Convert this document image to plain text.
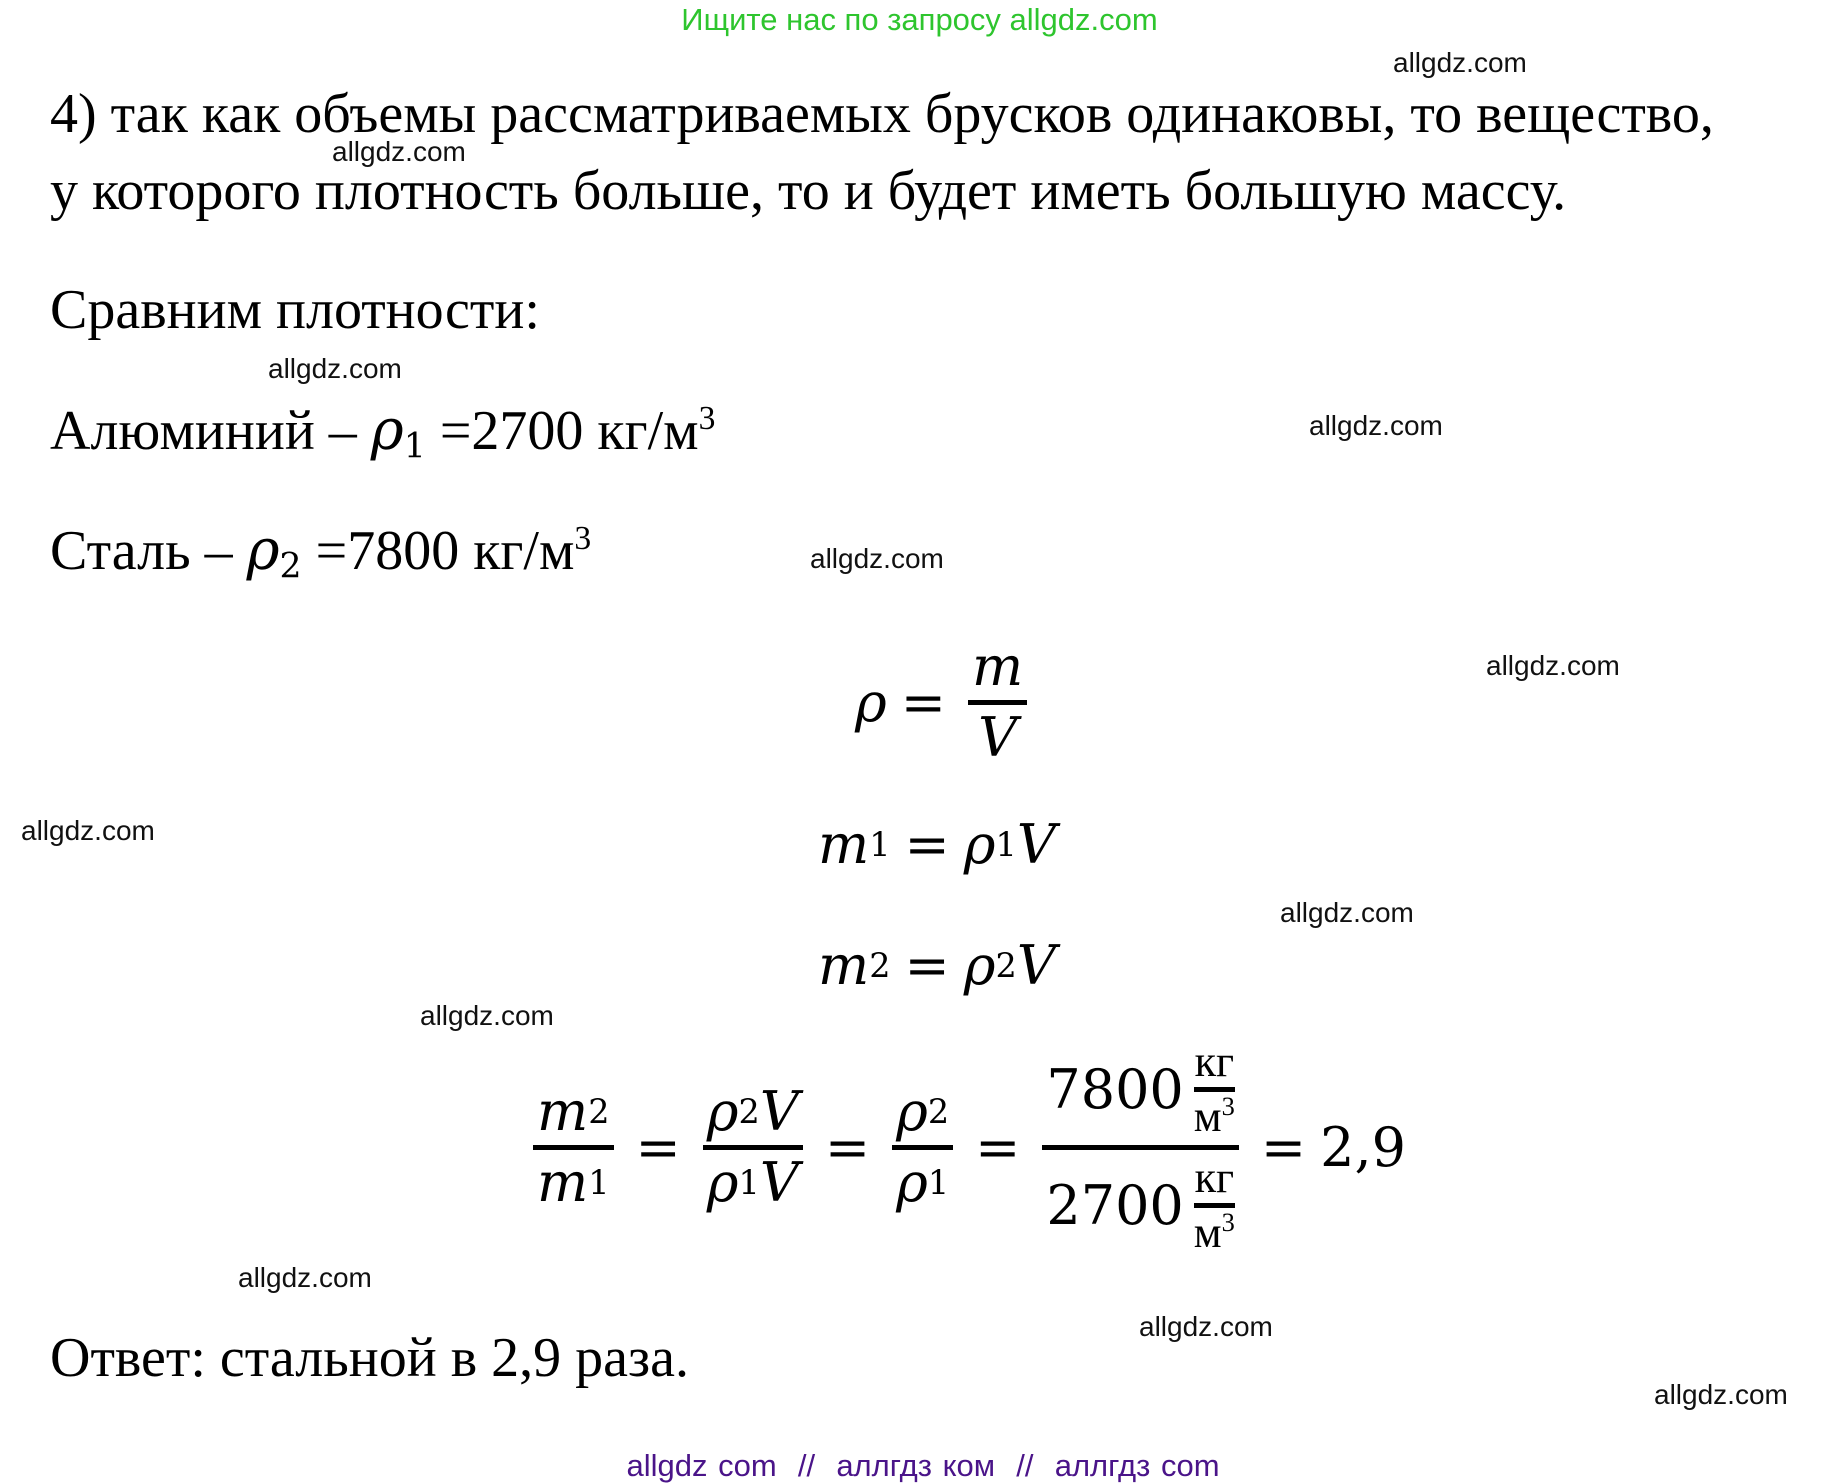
Ищите нас по запросу allgdz.com
allgdz.com
allgdz.com
allgdz.com
allgdz.com
allgdz.com
allgdz.com
allgdz.com
allgdz.com
allgdz.com
allgdz.com
allgdz.com
allgdz.com
4) так как объемы рассматриваемых брусков одинаковы, то вещество,
у которого плотность больше, то и будет иметь большую массу.
Сравним плотности:
Алюминий – $\rho_1 =2700$ $кг/м^3$
Сталь – $\rho_2 =7800$ $кг/м^3$
ρ =
m
V
m 1 = ρ 1 V
m 2 = ρ 2 V
m 2
m 1
=
ρ 2 V
ρ 1 V
=
ρ 2
ρ 1
=
7800 кг
$м^3$
2700 кг
$м^3$
= 2,9
Ответ: стальной в 2,9 раза.
allgdz com  //  аллгдз ком  //  аллгдз com
